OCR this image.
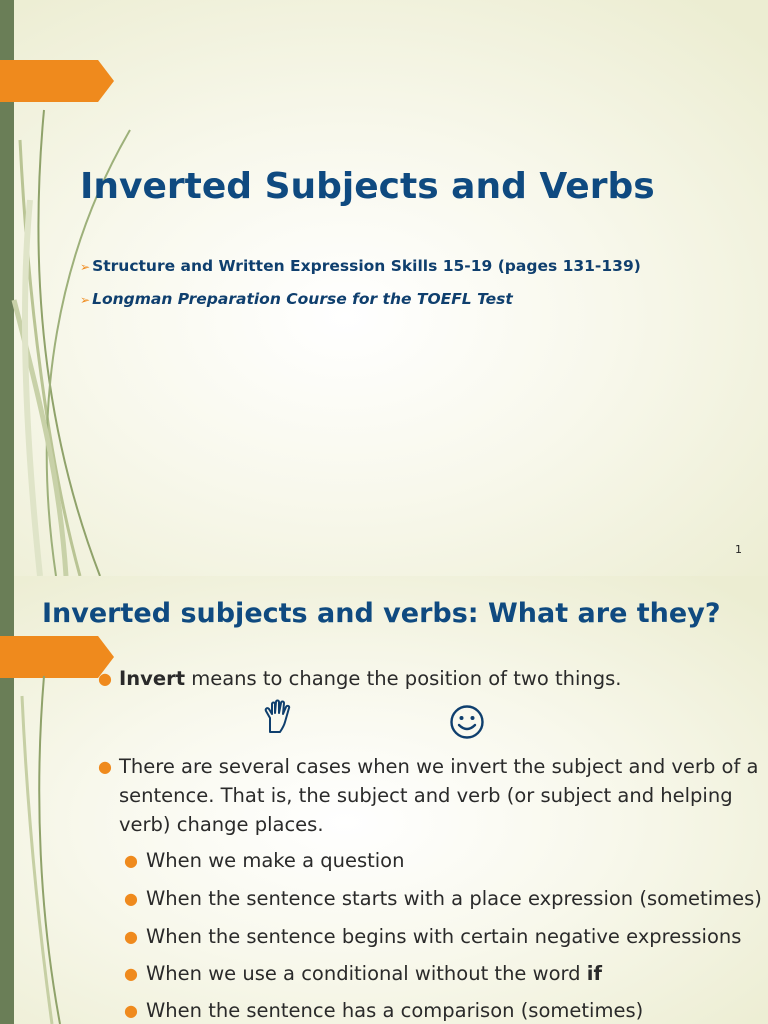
Inverted Subjects and Verbs
➢ Structure and Written Expression Skills 15-19 (pages 131-139)
➢ Longman Preparation Course for the TOEFL Test
1
Inverted subjects and verbs: What are they?
● Invert means to change the position of two things.
● There are several cases when we invert the subject and verb of a sentence. That is, the subject and verb (or subject and helping verb) change places.
● When we make a question
● When the sentence starts with a place expression (sometimes)
● When the sentence begins with certain negative expressions
● When we use a conditional without the word if
● When the sentence has a comparison (sometimes)
